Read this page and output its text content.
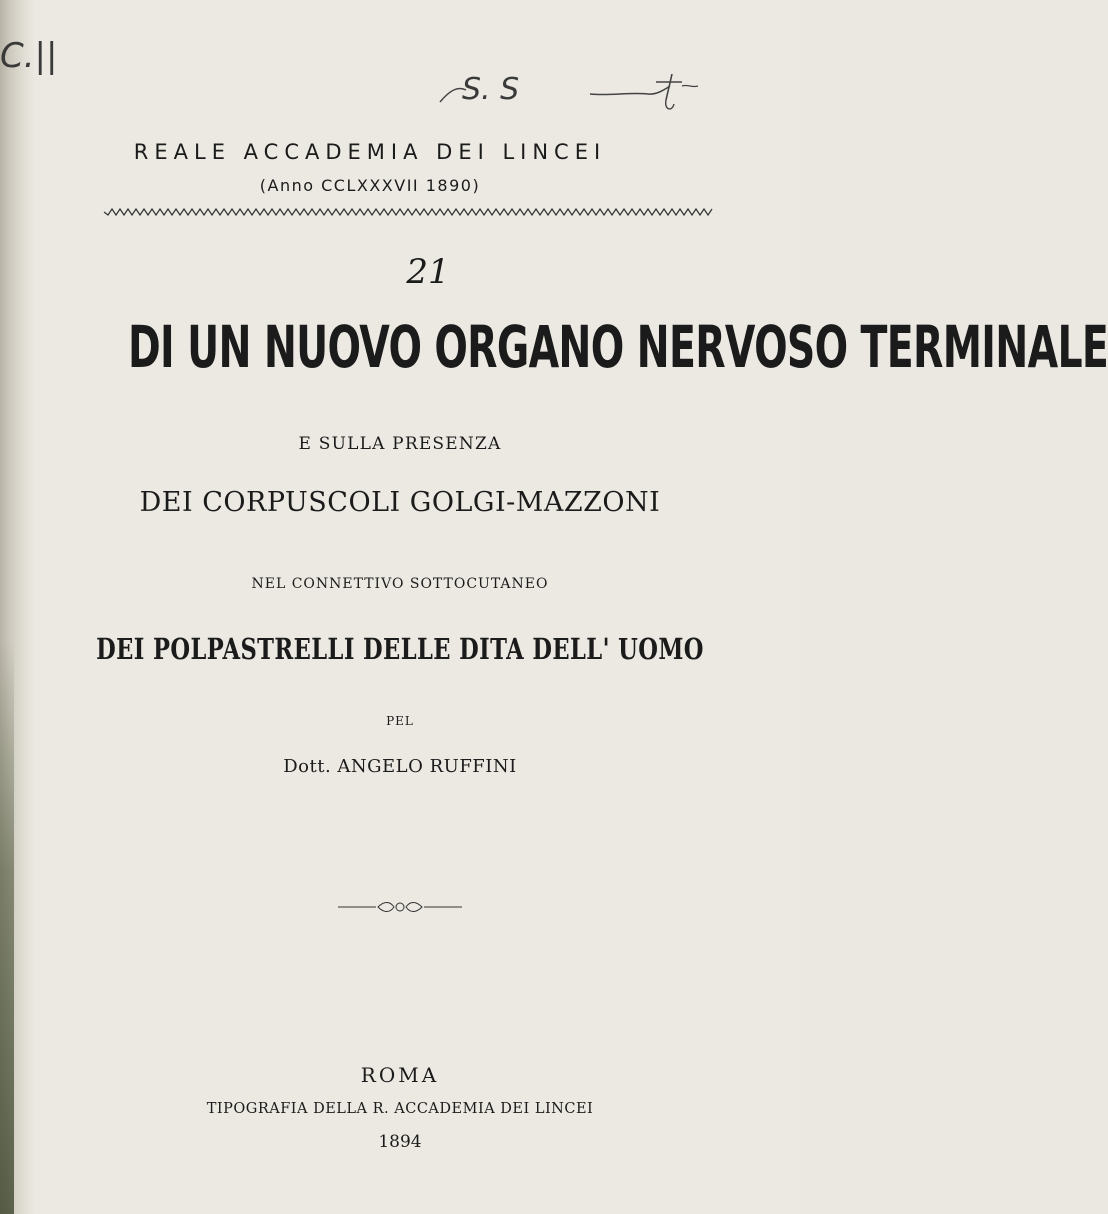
C.||
S. S
REALE ACCADEMIA DEI LINCEI
(Anno CCLXXXVII 1890)
21
DI UN NUOVO ORGANO NERVOSO TERMINALE
E SULLA PRESENZA
DEI CORPUSCOLI GOLGI-MAZZONI
NEL CONNETTIVO SOTTOCUTANEO
DEI POLPASTRELLI DELLE DITA DELL' UOMO
PEL
Dott. ANGELO RUFFINI
ROMA
TIPOGRAFIA DELLA R. ACCADEMIA DEI LINCEI
1894
